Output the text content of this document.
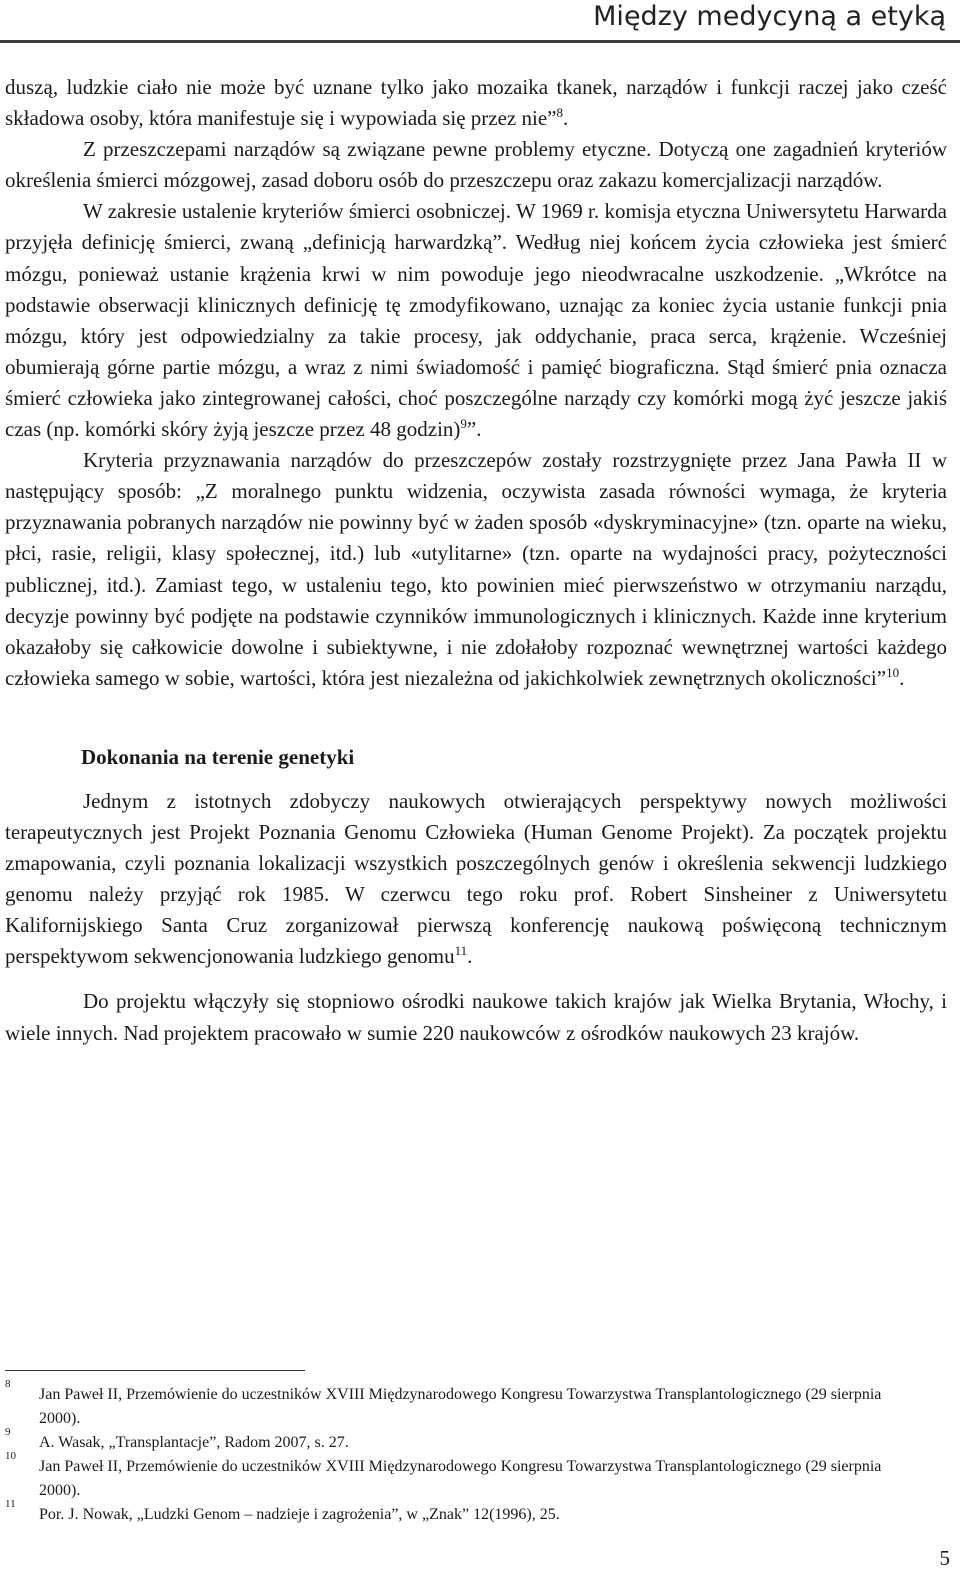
Między medycyną a etyką

duszą, ludzkie ciało nie może być uznane tylko jako mozaika tkanek, narządów i funkcji raczej jako cześć składowa osoby, która manifestuje się i wypowiada się przez nie”$^8$.

Z przeszczepami narządów są związane pewne problemy etyczne. Dotyczą one zagadnień kryteriów określenia śmierci mózgowej, zasad doboru osób do przeszczepu oraz zakazu komercjalizacji narządów.

W zakresie ustalenie kryteriów śmierci osobniczej. W 1969 r. komisja etyczna Uniwersytetu Harwarda przyjęła definicję śmierci, zwaną „definicją harwardzką”. Według niej końcem życia człowieka jest śmierć mózgu, ponieważ ustanie krążenia krwi w nim powoduje jego nieodwracalne uszkodzenie. „Wkrótce na podstawie obserwacji klinicznych definicję tę zmodyfikowano, uznając za koniec życia ustanie funkcji pnia mózgu, który jest odpowiedzialny za takie procesy, jak oddychanie, praca serca, krążenie. Wcześniej obumierają górne partie mózgu, a wraz z nimi świadomość i pamięć biograficzna. Stąd śmierć pnia oznacza śmierć człowieka jako zintegrowanej całości, choć poszczególne narządy czy komórki mogą żyć jeszcze jakiś czas (np. komórki skóry żyją jeszcze przez 48 godzin)$^9$”.

Kryteria przyznawania narządów do przeszczepów zostały rozstrzygnięte przez Jana Pawła II w następujący sposób: „Z moralnego punktu widzenia, oczywista zasada równości wymaga, że kryteria przyznawania pobranych narządów nie powinny być w żaden sposób «dyskryminacyjne» (tzn. oparte na wieku, płci, rasie, religii, klasy społecznej, itd.) lub «utylitarne» (tzn. oparte na wydajności pracy, pożyteczności publicznej, itd.). Zamiast tego, w ustaleniu tego, kto powinien mieć pierwszeństwo w otrzymaniu narządu, decyzje powinny być podjęte na podstawie czynników immunologicznych i klinicznych. Każde inne kryterium okazałoby się całkowicie dowolne i subiektywne, i nie zdołałoby rozpoznać wewnętrznej wartości każdego człowieka samego w sobie, wartości, która jest niezależna od jakichkolwiek zewnętrznych okoliczności”$^{10}$.

Dokonania na terenie genetyki

Jednym z istotnych zdobyczy naukowych otwierających perspektywy nowych możliwości terapeutycznych jest Projekt Poznania Genomu Człowieka (Human Genome Projekt). Za początek projektu zmapowania, czyli poznania lokalizacji wszystkich poszczególnych genów i określenia sekwencji ludzkiego genomu należy przyjąć rok 1985. W czerwcu tego roku prof. Robert Sinsheiner z Uniwersytetu Kalifornijskiego Santa Cruz zorganizował pierwszą konferencję naukową poświęconą technicznym perspektywom sekwencjonowania ludzkiego genomu$^{11}$.

Do projektu włączyły się stopniowo ośrodki naukowe takich krajów jak Wielka Brytania, Włochy, i wiele innych. Nad projektem pracowało w sumie 220 naukowców z ośrodków naukowych 23 krajów.

8
Jan Paweł II, Przemówienie do uczestników XVIII Międzynarodowego Kongresu Towarzystwa Transplantologicznego (29 sierpnia 2000).
9
A. Wasak, „Transplantacje”, Radom 2007, s. 27.
10
Jan Paweł II, Przemówienie do uczestników XVIII Międzynarodowego Kongresu Towarzystwa Transplantologicznego (29 sierpnia 2000).
11
Por. J. Nowak, „Ludzki Genom – nadzieje i zagrożenia”, w „Znak” 12(1996), 25.
5
